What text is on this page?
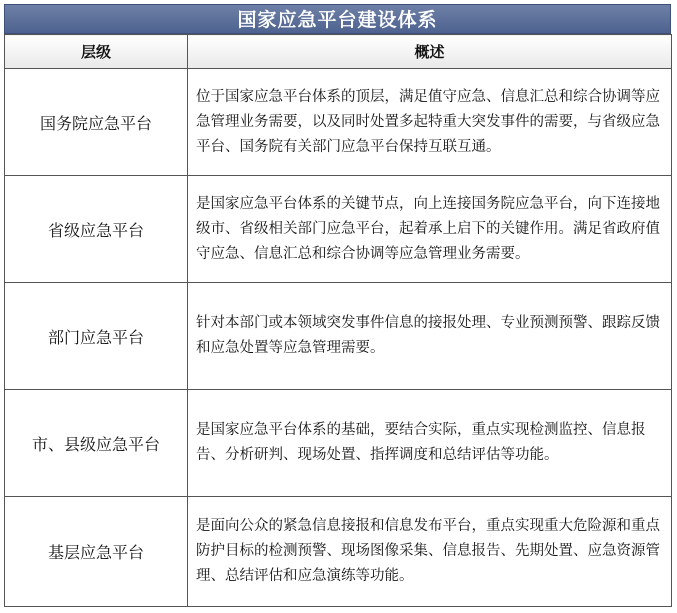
国家应急平台建设体系
层级	概述
国务院应急平台	位于国家应急平台体系的顶层，满足值守应急、信息汇总和综合协调等应急管理业务需要，以及同时处置多起特重大突发事件的需要，与省级应急平台、国务院有关部门应急平台保持互联互通。
省级应急平台	是国家应急平台体系的关键节点，向上连接国务院应急平台，向下连接地级市、省级相关部门应急平台，起着承上启下的关键作用。满足省政府值守应急、信息汇总和综合协调等应急管理业务需要。
部门应急平台	针对本部门或本领域突发事件信息的接报处理、专业预测预警、跟踪反馈和应急处置等应急管理需要。
市、县级应急平台	是国家应急平台体系的基础，要结合实际，重点实现检测监控、信息报告、分析研判、现场处置、指挥调度和总结评估等功能。
基层应急平台	是面向公众的紧急信息接报和信息发布平台，重点实现重大危险源和重点防护目标的检测预警、现场图像采集、信息报告、先期处置、应急资源管理、总结评估和应急演练等功能。
